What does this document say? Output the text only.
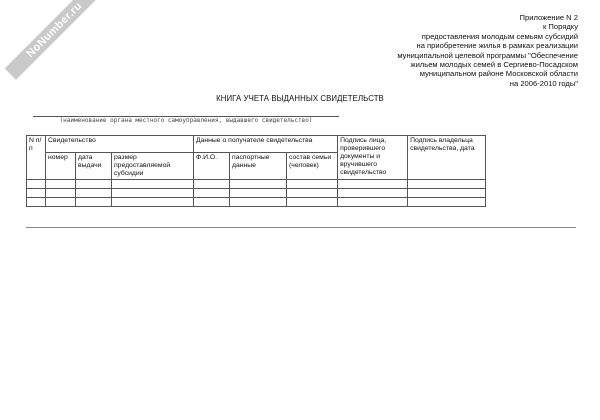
NoNumber.ru	Приложение N 2
к Порядку
предоставления молодым семьям субсидий
на приобретение жилья в рамках реализации
муниципальной целевой программы "Обеспечение
жильем молодых семей в Сергиево-Посадском
муниципальном районе Московской области
на 2006-2010 годы"
КНИГА УЧЕТА ВЫДАННЫХ СВИДЕТЕЛЬСТВ
(наименование органа местного самоуправления, выдавшего свидетельство)
N п/п	Свидетельство			Данные о получателе свидетельства			Подпись лица, проверившего документы и вручившего свидетельство	Подпись владельца свидетельства, дата
	номер	дата выдачи	размер предоставляемой субсидии	Ф.И.О.	паспортные данные	состав семьи (человек)		
